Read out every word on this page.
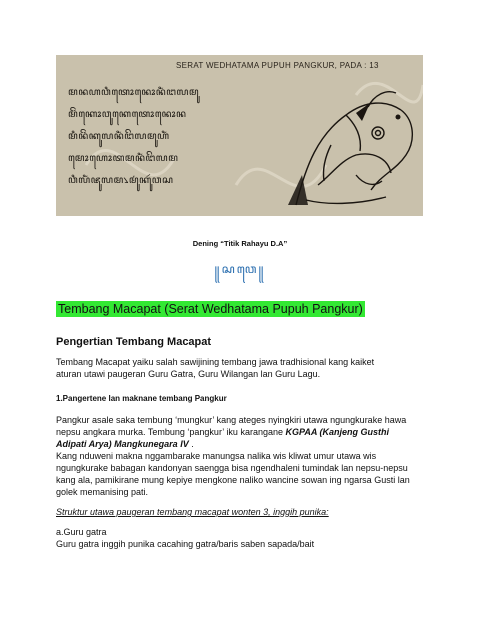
SERAT WEDHATAMA PUPUH PANGKUR, PADA : 13
ꦩꦤꦲꦮꦶꦠꦺꦴꦤꦺꦴꦤꦶꦁꦔꦭꦩꦸ
ꦩꦼꦁꦏꦺꦴꦮꦸꦏꦺꦠꦺꦴꦤꦺꦴꦤ
ꦩꦶꦤꦼꦁꦏꦸꦭꦤꦶꦁꦔꦼꦭꦩꦸꦲꦶꦁ
ꦩꦺꦴꦲꦺꦴꦠꦩꦤꦶꦁꦔꦼꦭꦩ
ꦮꦶꦭꦶꦁꦗꦸꦭꦩ꧈ꦩꦸꦁꦏꦸꦂꦮꦱ
Dening “Titik Rahayu D.A”
꧋ꦱꦮꦺ꧋
Tembang Macapat (Serat Wedhatama Pupuh Pangkur)
Pengertian Tembang Macapat
Tembang Macapat yaiku salah sawijining tembang jawa tradhisional kang kaiket
aturan utawi paugeran Guru Gatra, Guru Wilangan lan Guru Lagu.
1.Pangertene lan maknane tembang Pangkur
Pangkur asale saka tembung ‘mungkur’ kang ateges nyingkiri utawa ngungkurake hawa
nepsu angkara murka. Tembung ‘pangkur’ iku karangane KGPAA (Kanjeng Gusthi
Adipati Arya) Mangkunegara IV .
Kang nduweni makna nggambarake manungsa nalika wis kliwat umur utawa wis
ngungkurake babagan kandonyan saengga bisa ngendhaleni tumindak lan nepsu-nepsu
kang ala, pamikirane mung kepiye mengkone naliko wancine sowan ing ngarsa Gusti lan
golek memanising pati.
Struktur utawa paugeran tembang macapat wonten 3, inggih punika:
a.Guru gatra
Guru gatra inggih punika cacahing gatra/baris saben sapada/bait
